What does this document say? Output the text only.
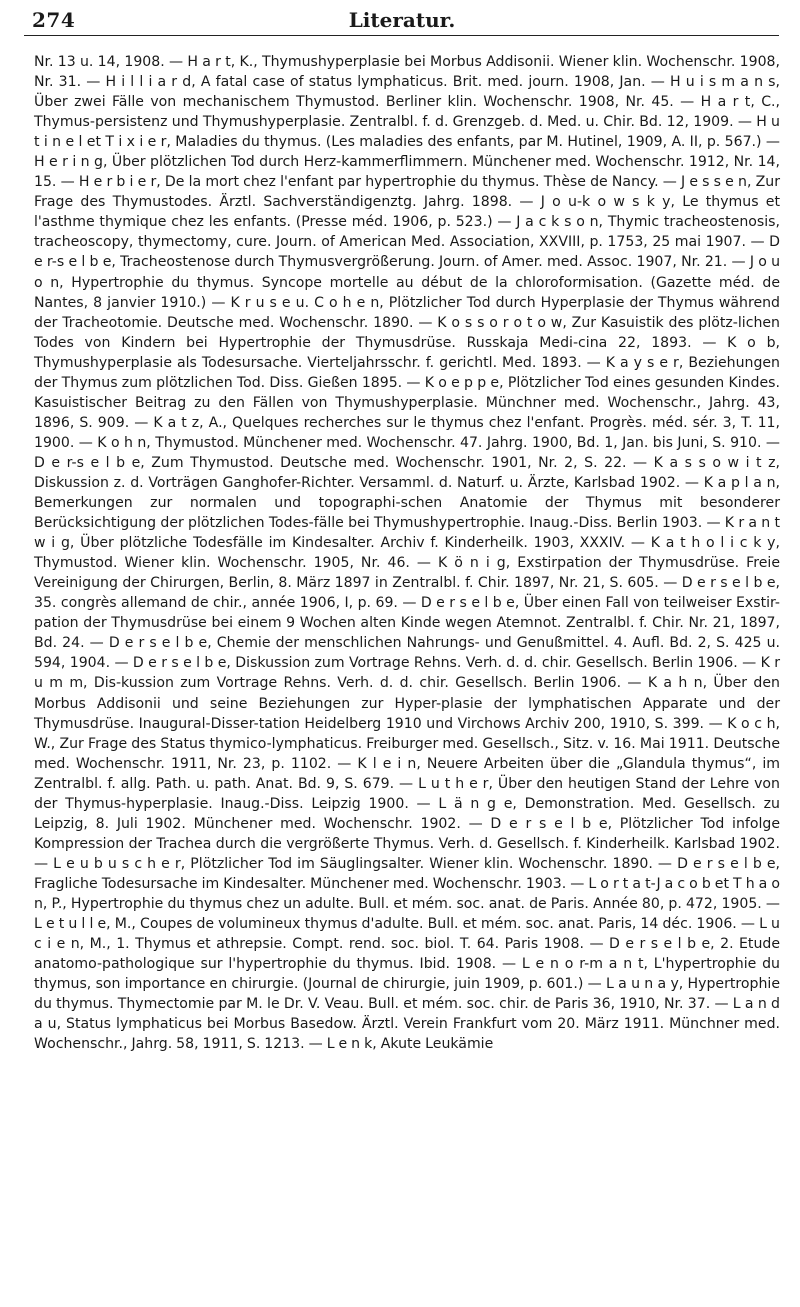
274	Literatur.

Nr. 13 u. 14, 1908. — H a r t, K., Thymushyperplasie bei Morbus Addisonii. Wiener klin. Wochenschr. 1908, Nr. 31. — H i l l i a r d, A fatal case of status lymphaticus. Brit. med. journ. 1908, Jan. — H u i s m a n s, Über zwei Fälle von mechanischem Thymustod. Berliner klin. Wochenschr. 1908, Nr. 45. — H a r t, C., Thymus-persistenz und Thymushyperplasie. Zentralbl. f. d. Grenzgeb. d. Med. u. Chir. Bd. 12, 1909. — H u t i n e l et T i x i e r, Maladies du thymus. (Les maladies des enfants, par M. Hutinel, 1909, A. II, p. 567.) — H e r i n g, Über plötzlichen Tod durch Herz-kammerflimmern. Münchener med. Wochenschr. 1912, Nr. 14, 15. — H e r b i e r, De la mort chez l'enfant par hypertrophie du thymus. Thèse de Nancy. — J e s s e n, Zur Frage des Thymustodes. Ärztl. Sachverständigenztg. Jahrg. 1898. — J o u-k o w s k y, Le thymus et l'asthme thymique chez les enfants. (Presse méd. 1906, p. 523.) — J a c k s o n, Thymic tracheostenosis, tracheoscopy, thymectomy, cure. Journ. of American Med. Association, XXVIII, p. 1753, 25 mai 1907. — D e r-s e l b e, Tracheostenose durch Thymusvergrößerung. Journ. of Amer. med. Assoc. 1907, Nr. 21. — J o u o n, Hypertrophie du thymus. Syncope mortelle au début de la chloroformisation. (Gazette méd. de Nantes, 8 janvier 1910.) — K r u s e u. C o h e n, Plötzlicher Tod durch Hyperplasie der Thymus während der Tracheotomie. Deutsche med. Wochenschr. 1890. — K o s s o r o t o w, Zur Kasuistik des plötz-lichen Todes von Kindern bei Hypertrophie der Thymusdrüse. Russkaja Medi-cina 22, 1893. — K o b, Thymushyperplasie als Todesursache. Vierteljahrsschr. f. gerichtl. Med. 1893. — K a y s e r, Beziehungen der Thymus zum plötzlichen Tod. Diss. Gießen 1895. — K o e p p e, Plötzlicher Tod eines gesunden Kindes. Kasuistischer Beitrag zu den Fällen von Thymushyperplasie. Münchner med. Wochenschr., Jahrg. 43, 1896, S. 909. — K a t z, A., Quelques recherches sur le thymus chez l'enfant. Progrès. méd. sér. 3, T. 11, 1900. — K o h n, Thymustod. Münchener med. Wochenschr. 47. Jahrg. 1900, Bd. 1, Jan. bis Juni, S. 910. — D e r-s e l b e, Zum Thymustod. Deutsche med. Wochenschr. 1901, Nr. 2, S. 22. — K a s s o w i t z, Diskussion z. d. Vorträgen Ganghofer-Richter. Versamml. d. Naturf. u. Ärzte, Karlsbad 1902. — K a p l a n, Bemerkungen zur normalen und topographi-schen Anatomie der Thymus mit besonderer Berücksichtigung der plötzlichen Todes-fälle bei Thymushypertrophie. Inaug.-Diss. Berlin 1903. — K r a n t w i g, Über plötzliche Todesfälle im Kindesalter. Archiv f. Kinderheilk. 1903, XXXIV. — K a t h o l i c k y, Thymustod. Wiener klin. Wochenschr. 1905, Nr. 46. — K ö n i g, Exstirpation der Thymusdrüse. Freie Vereinigung der Chirurgen, Berlin, 8. März 1897 in Zentralbl. f. Chir. 1897, Nr. 21, S. 605. — D e r s e l b e, 35. congrès allemand de chir., année 1906, I, p. 69. — D e r s e l b e, Über einen Fall von teilweiser Exstir-pation der Thymusdrüse bei einem 9 Wochen alten Kinde wegen Atemnot. Zentralbl. f. Chir. Nr. 21, 1897, Bd. 24. — D e r s e l b e, Chemie der menschlichen Nahrungs- und Genußmittel. 4. Aufl. Bd. 2, S. 425 u. 594, 1904. — D e r s e l b e, Diskussion zum Vortrage Rehns. Verh. d. d. chir. Gesellsch. Berlin 1906. — K r u m m, Dis-kussion zum Vortrage Rehns. Verh. d. d. chir. Gesellsch. Berlin 1906. — K a h n, Über den Morbus Addisonii und seine Beziehungen zur Hyper-plasie der lymphatischen Apparate und der Thymusdrüse. Inaugural-Disser-tation Heidelberg 1910 und Virchows Archiv 200, 1910, S. 399. — K o c h, W., Zur Frage des Status thymico-lymphaticus. Freiburger med. Gesellsch., Sitz. v. 16. Mai 1911. Deutsche med. Wochenschr. 1911, Nr. 23, p. 1102. — K l e i n, Neuere Arbeiten über die „Glandula thymus“, im Zentralbl. f. allg. Path. u. path. Anat. Bd. 9, S. 679. — L u t h e r, Über den heutigen Stand der Lehre von der Thymus-hyperplasie. Inaug.-Diss. Leipzig 1900. — L ä n g e, Demonstration. Med. Gesellsch. zu Leipzig, 8. Juli 1902. Münchener med. Wochenschr. 1902. — D e r s e l b e, Plötzlicher Tod infolge Kompression der Trachea durch die vergrößerte Thymus. Verh. d. Gesellsch. f. Kinderheilk. Karlsbad 1902. — L e u b u s c h e r, Plötzlicher Tod im Säuglingsalter. Wiener klin. Wochenschr. 1890. — D e r s e l b e, Fragliche Todesursache im Kindesalter. Münchener med. Wochenschr. 1903. — L o r t a t-J a c o b et T h a o n, P., Hypertrophie du thymus chez un adulte. Bull. et mém. soc. anat. de Paris. Année 80, p. 472, 1905. — L e t u l l e, M., Coupes de volumineux thymus d'adulte. Bull. et mém. soc. anat. Paris, 14 déc. 1906. — L u c i e n, M., 1. Thymus et athrepsie. Compt. rend. soc. biol. T. 64. Paris 1908. — D e r s e l b e, 2. Etude anatomo-pathologique sur l'hypertrophie du thymus. Ibid. 1908. — L e n o r-m a n t, L'hypertrophie du thymus, son importance en chirurgie. (Journal de chirurgie, juin 1909, p. 601.) — L a u n a y, Hypertrophie du thymus. Thymectomie par M. le Dr. V. Veau. Bull. et mém. soc. chir. de Paris 36, 1910, Nr. 37. — L a n d a u, Status lymphaticus bei Morbus Basedow. Ärztl. Verein Frankfurt vom 20. März 1911. Münchner med. Wochenschr., Jahrg. 58, 1911, S. 1213. — L e n k, Akute Leukämie
